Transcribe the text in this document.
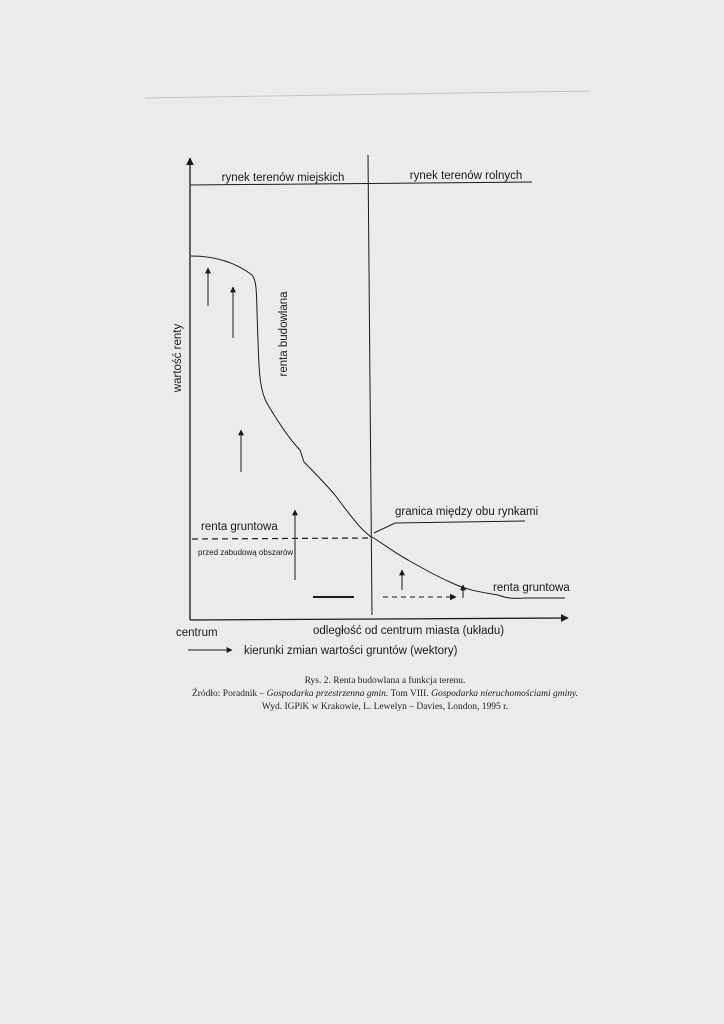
rynek terenów miejskich	rynek terenów rolnych
wartość renty
granica między obu rynkami
renta budowlana
renta gruntowa
przed zabudową obszarów
renta gruntowa
centrum	odległość od centrum miasta (układu)
kierunki zmian wartości gruntów (wektory)
Rys. 2. Renta budowlana a funkcja terenu.
Źródło: Poradnik – Gospodarka przestrzenna gmin. Tom VIII. Gospodarka nieruchomościami gminy.
Wyd. IGPiK w Krakowie, L. Lewelyn – Davies, London, 1995 r.
